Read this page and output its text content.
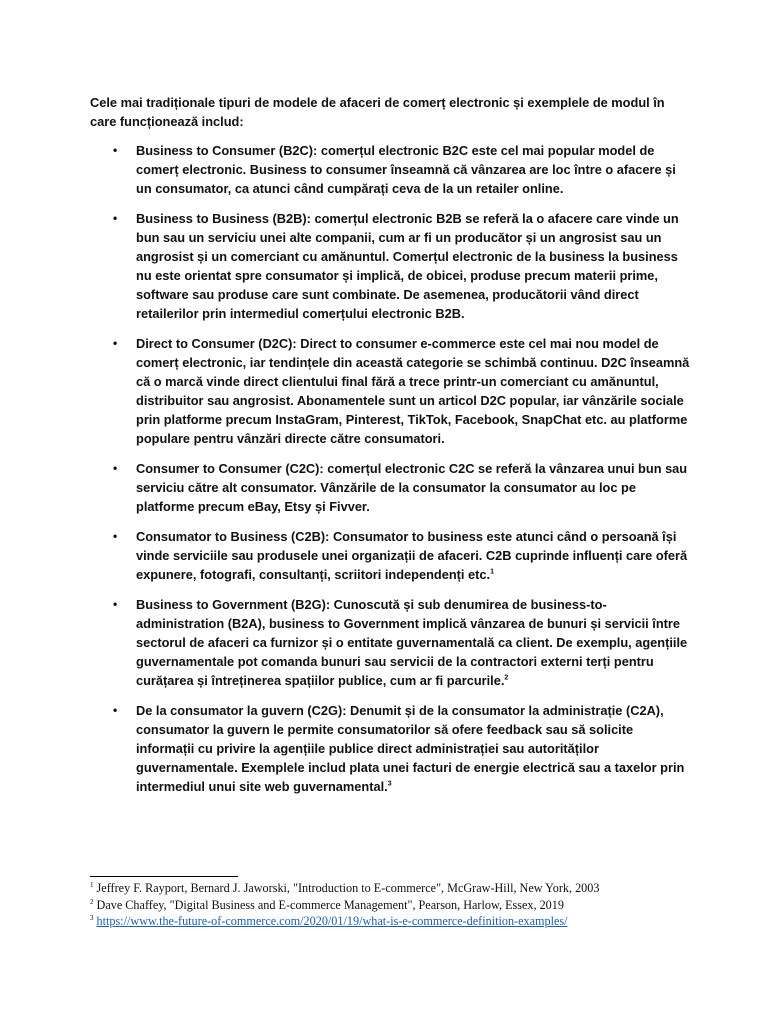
Cele mai tradiționale tipuri de modele de afaceri de comerț electronic și exemplele de modul în care funcționează includ:

• Business to Consumer (B2C): comerțul electronic B2C este cel mai popular model de comerț electronic. Business to consumer înseamnă că vânzarea are loc între o afacere și un consumator, ca atunci când cumpărați ceva de la un retailer online.
• Business to Business (B2B): comerțul electronic B2B se referă la o afacere care vinde un bun sau un serviciu unei alte companii, cum ar fi un producător și un angrosist sau un angrosist și un comerciant cu amănuntul. Comerțul electronic de la business la business nu este orientat spre consumator și implică, de obicei, produse precum materii prime, software sau produse care sunt combinate. De asemenea, producătorii vând direct retailerilor prin intermediul comerțului electronic B2B.
• Direct to Consumer (D2C): Direct to consumer e-commerce este cel mai nou model de comerț electronic, iar tendințele din această categorie se schimbă continuu. D2C înseamnă că o marcă vinde direct clientului final fără a trece printr-un comerciant cu amănuntul, distribuitor sau angrosist. Abonamentele sunt un articol D2C popular, iar vânzările sociale prin platforme precum InstaGram, Pinterest, TikTok, Facebook, SnapChat etc. au platforme populare pentru vânzări directe către consumatori.
• Consumer to Consumer (C2C): comerțul electronic C2C se referă la vânzarea unui bun sau serviciu către alt consumator. Vânzările de la consumator la consumator au loc pe platforme precum eBay, Etsy și Fivver.
• Consumator to Business (C2B): Consumator to business este atunci când o persoană își vinde serviciile sau produsele unei organizații de afaceri. C2B cuprinde influenți care oferă expunere, fotografi, consultanți, scriitori independenți etc.$^1$
• Business to Government (B2G): Cunoscută și sub denumirea de business-to-administration (B2A), business to Government implică vânzarea de bunuri și servicii între sectorul de afaceri ca furnizor și o entitate guvernamentală ca client. De exemplu, agențiile guvernamentale pot comanda bunuri sau servicii de la contractori externi terți pentru curățarea și întreținerea spațiilor publice, cum ar fi parcurile.$^2$
• De la consumator la guvern (C2G): Denumit și de la consumator la administrație (C2A), consumator la guvern le permite consumatorilor să ofere feedback sau să solicite informații cu privire la agențiile publice direct administrației sau autorităților guvernamentale. Exemplele includ plata unei facturi de energie electrică sau a taxelor prin intermediul unui site web guvernamental.$^3$
$^1$ Jeffrey F. Rayport, Bernard J. Jaworski, "Introduction to E-commerce", McGraw-Hill, New York, 2003
$^2$ Dave Chaffey, "Digital Business and E-commerce Management", Pearson, Harlow, Essex, 2019
$^3$ https://www.the-future-of-commerce.com/2020/01/19/what-is-e-commerce-definition-examples/
